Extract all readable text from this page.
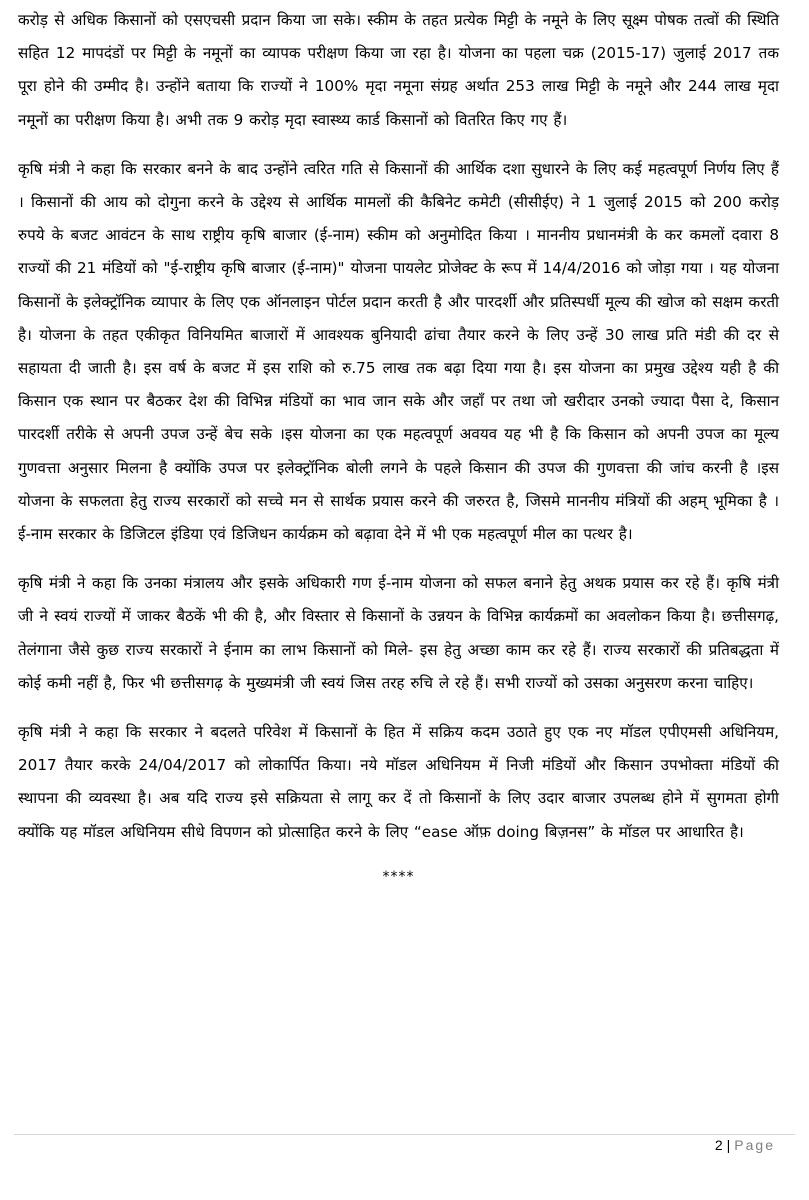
करोड़ से अधिक किसानों को एसएचसी प्रदान किया जा सके। स्कीम के तहत प्रत्येक मिट्टी के नमूने के लिए सूक्ष्म पोषक तत्वों की स्थिति सहित 12 मापदंडों पर मिट्टी के नमूनों का व्यापक परीक्षण किया जा रहा है। योजना का पहला चक्र (2015-17) जुलाई 2017 तक पूरा होने की उम्मीद है। उन्होंने बताया कि राज्यों ने 100% मृदा नमूना संग्रह अर्थात 253 लाख मिट्टी के नमूने और 244 लाख मृदा नमूनों का परीक्षण किया है। अभी तक 9 करोड़ मृदा स्वास्थ्य कार्ड किसानों को वितरित किए गए हैं।

कृषि मंत्री ने कहा कि सरकार बनने के बाद उन्होंने त्वरित गति से किसानों की आर्थिक दशा सुधारने के लिए कई महत्वपूर्ण निर्णय लिए हैं । किसानों की आय को दोगुना करने के उद्देश्य से आर्थिक मामलों की कैबिनेट कमेटी (सीसीईए) ने 1 जुलाई 2015 को 200 करोड़ रुपये के बजट आवंटन के साथ राष्ट्रीय कृषि बाजार (ई-नाम) स्कीम को अनुमोदित किया । माननीय प्रधानमंत्री के कर कमलों दवारा 8 राज्यों की 21 मंडियों को "ई-राष्ट्रीय कृषि बाजार (ई-नाम)" योजना पायलेट प्रोजेक्ट के रूप में 14/4/2016 को जोड़ा गया । यह योजना किसानों के इलेक्ट्रॉनिक व्यापार के लिए एक ऑनलाइन पोर्टल प्रदान करती है और पारदर्शी और प्रतिस्पर्धी मूल्य की खोज को सक्षम करती है। योजना के तहत एकीकृत विनियमित बाजारों में आवश्यक बुनियादी ढांचा तैयार करने के लिए उन्हें 30 लाख प्रति मंडी की दर से सहायता दी जाती है। इस वर्ष के बजट में इस राशि को रु.75 लाख तक बढ़ा दिया गया है। इस योजना का प्रमुख उद्देश्य यही है की किसान एक स्थान पर बैठकर देश की विभिन्न मंडियों का भाव जान सके और जहाँ पर तथा जो खरीदार उनको ज्यादा पैसा दे, किसान पारदर्शी तरीके से अपनी उपज उन्हें बेच सके ।इस योजना का एक महत्वपूर्ण अवयव यह भी है कि किसान को अपनी उपज का मूल्य गुणवत्ता अनुसार मिलना है क्योंकि उपज पर इलेक्ट्रॉनिक बोली लगने के पहले किसान की उपज की गुणवत्ता की जांच करनी है ।इस योजना के सफलता हेतु राज्य सरकारों को सच्चे मन से सार्थक प्रयास करने की जरुरत है, जिसमे माननीय मंत्रियों की अहम् भूमिका है । ई-नाम सरकार के डिजिटल इंडिया एवं डिजिधन कार्यक्रम को बढ़ावा देने में भी एक महत्वपूर्ण मील का पत्थर है।

कृषि मंत्री ने कहा कि उनका मंत्रालय और इसके अधिकारी गण ई-नाम योजना को सफल बनाने हेतु अथक प्रयास कर रहे हैं। कृषि मंत्री जी ने स्वयं राज्यों में जाकर बैठकें भी की है, और विस्तार से किसानों के उन्नयन के विभिन्न कार्यक्रमों का अवलोकन किया है। छत्तीसगढ़, तेलंगाना जैसे कुछ राज्य सरकारों ने ईनाम का लाभ किसानों को मिले- इस हेतु अच्छा काम कर रहे हैं। राज्य सरकारों की प्रतिबद्धता में कोई कमी नहीं है, फिर भी छत्तीसगढ़ के मुख्यमंत्री जी स्वयं जिस तरह रुचि ले रहे हैं। सभी राज्यों को उसका अनुसरण करना चाहिए।

कृषि मंत्री ने कहा कि सरकार ने बदलते परिवेश में किसानों के हित में सक्रिय कदम उठाते हुए एक नए मॉडल एपीएमसी अधिनियम, 2017 तैयार करके 24/04/2017 को लोकार्पित किया। नये मॉडल अधिनियम में निजी मंडियों और किसान उपभोक्ता मंडियों की स्थापना की व्यवस्था है। अब यदि राज्य इसे सक्रियता से लागू कर दें तो किसानों के लिए उदार बाजार उपलब्ध होने में सुगमता होगी क्योंकि यह मॉडल अधिनियम सीधे विपणन को प्रोत्साहित करने के लिए “ease ऑफ़ doing बिज़नस” के मॉडल पर आधारित है।

****
2 | Page
